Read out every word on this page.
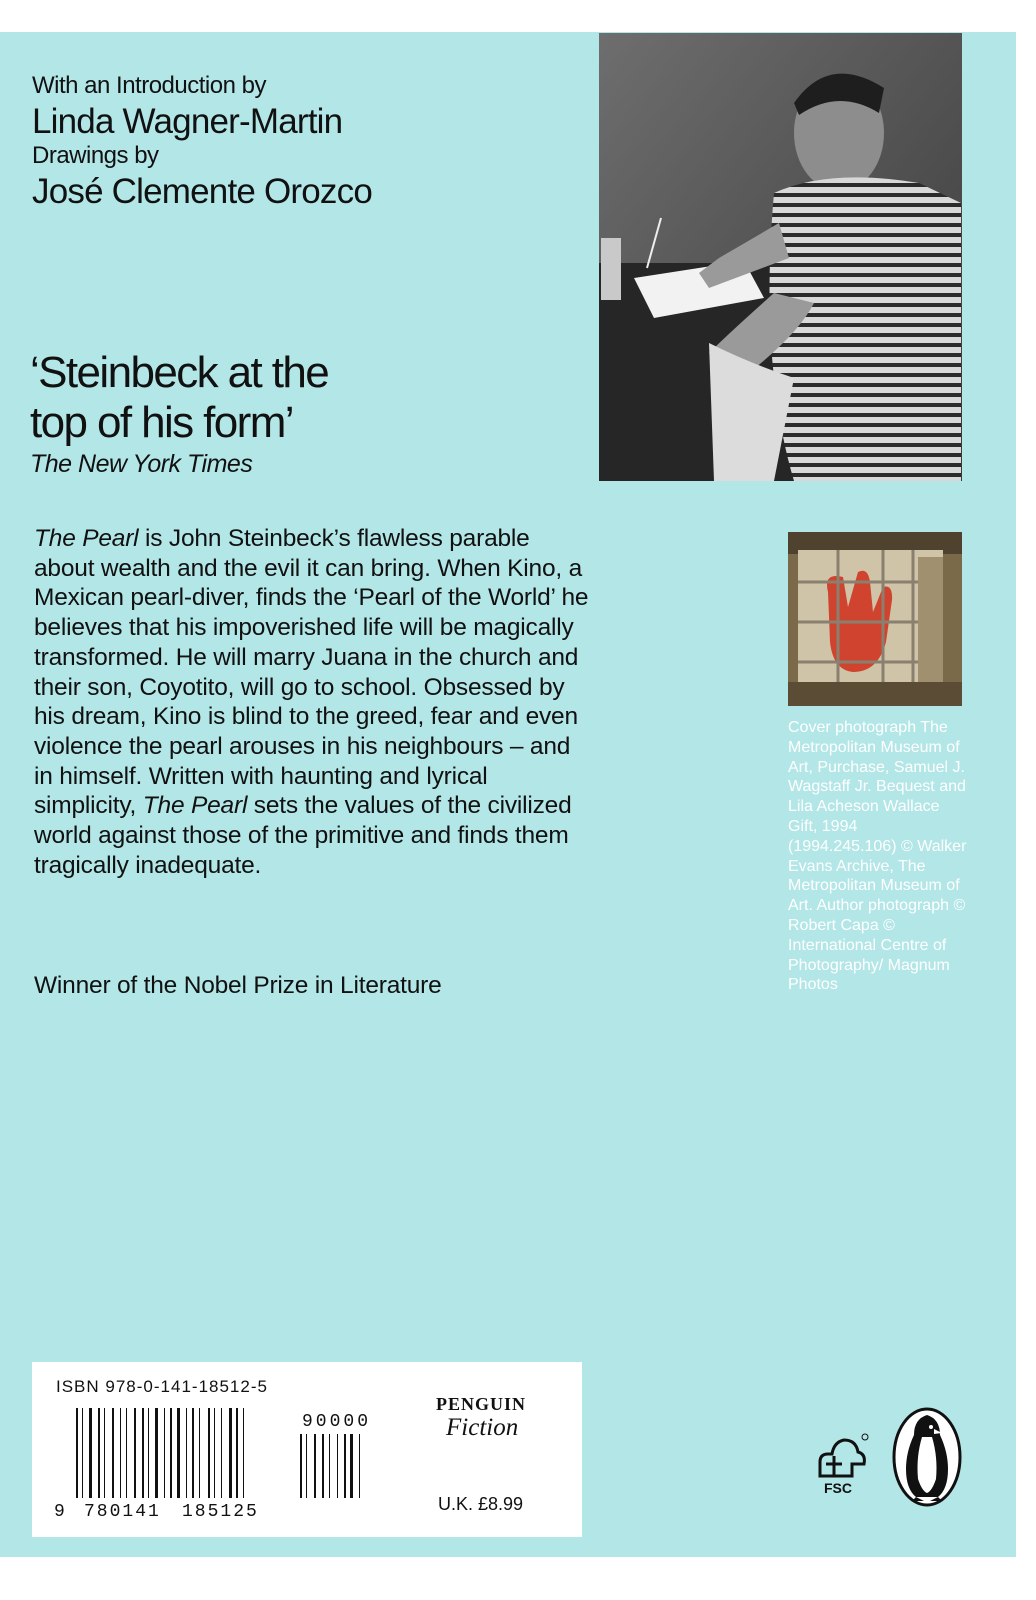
With an Introduction by
Linda Wagner-Martin
Drawings by
José Clemente Orozco
‘Steinbeck at the
top of his form’
The New York Times
The Pearl is John Steinbeck’s flawless parable about wealth and the evil it can bring. When Kino, a Mexican pearl-diver, finds the ‘Pearl of the World’ he believes that his impoverished life will be magically transformed. He will marry Juana in the church and their son, Coyotito, will go to school. Obsessed by his dream, Kino is blind to the greed, fear and even violence the pearl arouses in his neighbours – and in himself. Written with haunting and lyrical simplicity, The Pearl sets the values of the civilized world against those of the primitive and finds them tragically inadequate.
Winner of the Nobel Prize in Literature
Cover photograph The Metropolitan Museum of Art, Purchase, Samuel J. Wagstaff Jr. Bequest and Lila Acheson Wallace Gift, 1994 (1994.245.106) © Walker Evans Archive, The Metropolitan Museum of Art. Author photograph © Robert Capa © International Centre of Photography/ Magnum Photos
ISBN 978-0-141-18512-5
90000
9 780141 185125
PENGUIN
Fiction
U.K. £8.99
FSC
